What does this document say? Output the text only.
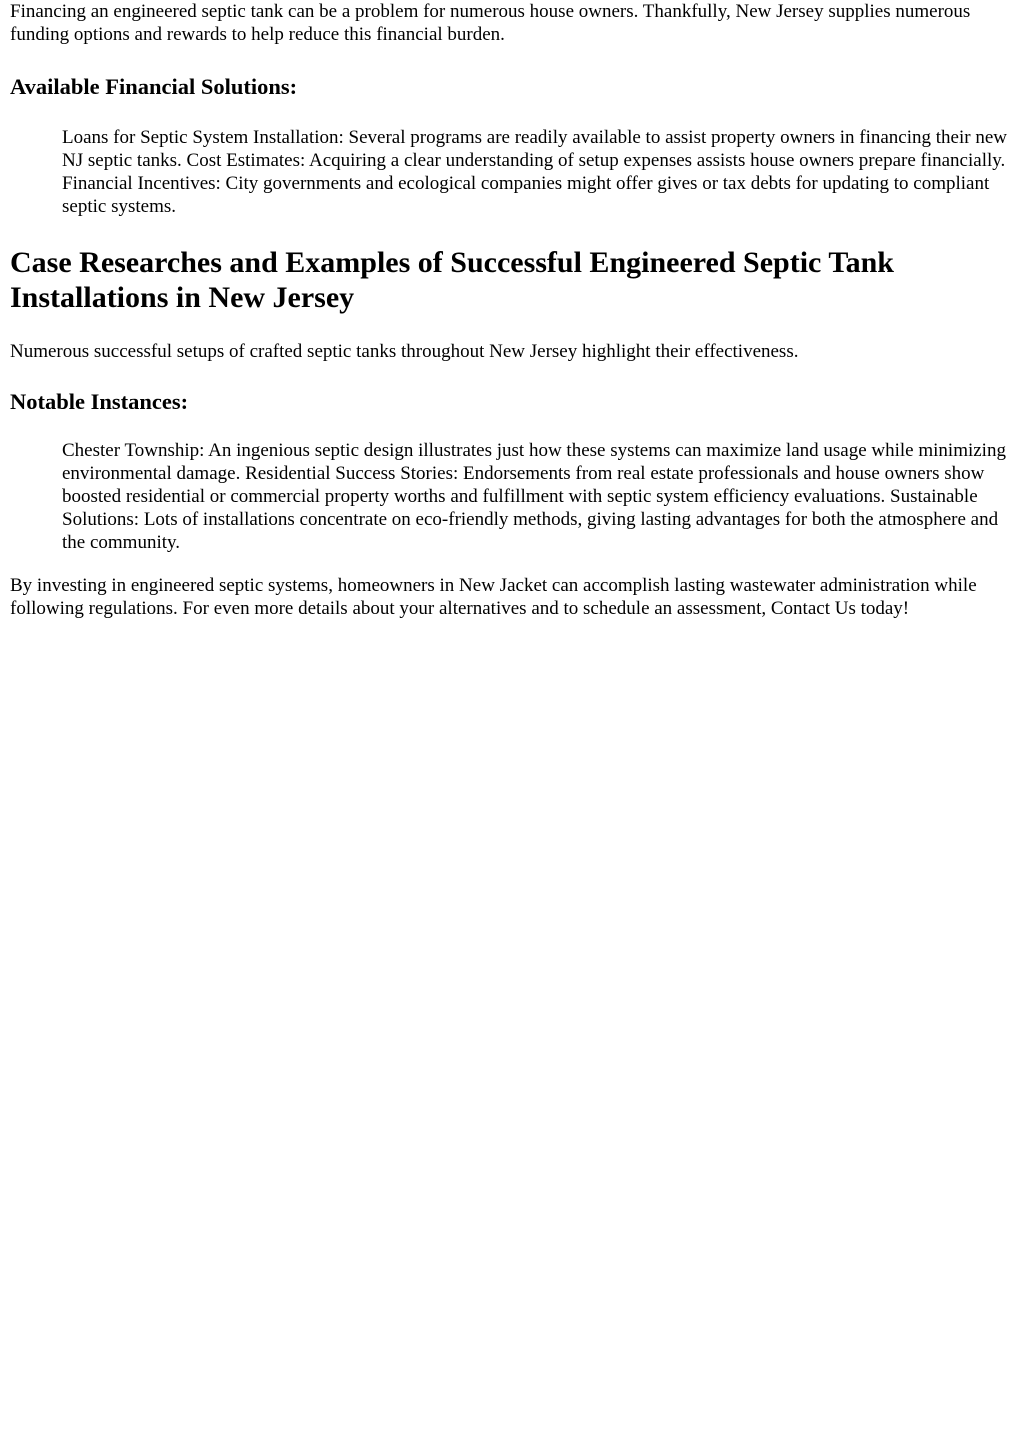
Financing an engineered septic tank can be a problem for numerous house owners. Thankfully, New Jersey supplies numerous funding options and rewards to help reduce this financial burden.

Available Financial Solutions:

Loans for Septic System Installation: Several programs are readily available to assist property owners in financing their new NJ septic tanks. Cost Estimates: Acquiring a clear understanding of setup expenses assists house owners prepare financially. Financial Incentives: City governments and ecological companies might offer gives or tax debts for updating to compliant septic systems.

Case Researches and Examples of Successful Engineered Septic Tank Installations in New Jersey

Numerous successful setups of crafted septic tanks throughout New Jersey highlight their effectiveness.

Notable Instances:

Chester Township: An ingenious septic design illustrates just how these systems can maximize land usage while minimizing environmental damage. Residential Success Stories: Endorsements from real estate professionals and house owners show boosted residential or commercial property worths and fulfillment with septic system efficiency evaluations. Sustainable Solutions: Lots of installations concentrate on eco-friendly methods, giving lasting advantages for both the atmosphere and the community.

By investing in engineered septic systems, homeowners in New Jacket can accomplish lasting wastewater administration while following regulations. For even more details about your alternatives and to schedule an assessment, Contact Us today!
